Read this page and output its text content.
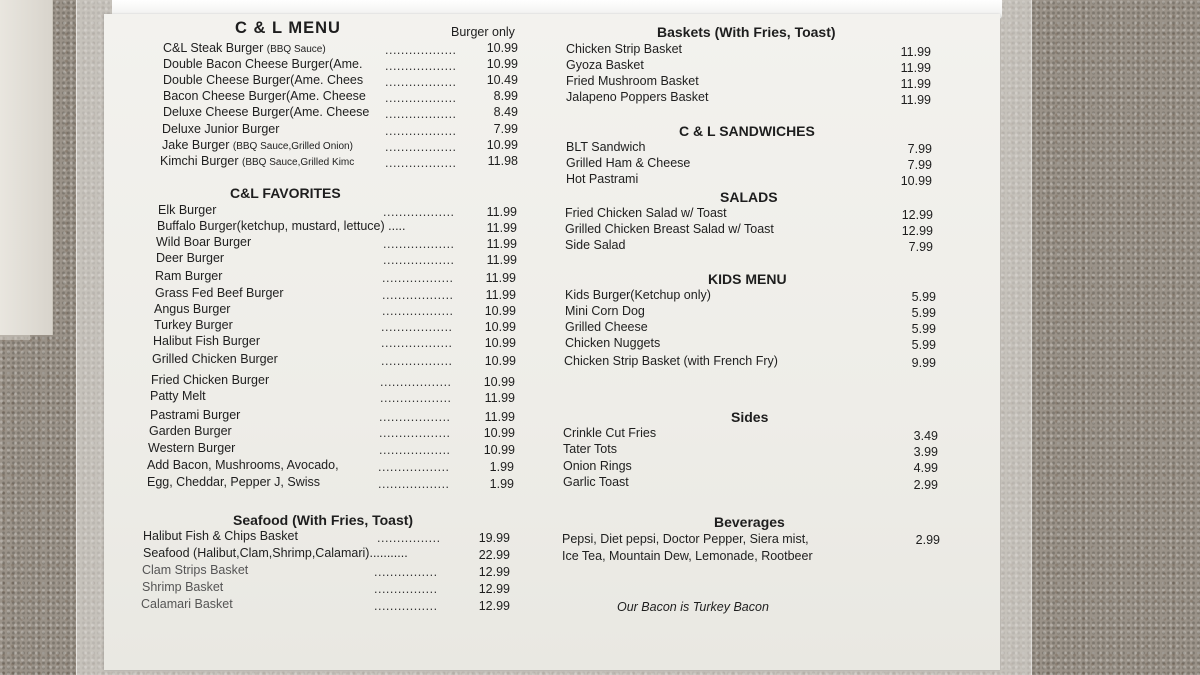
C & L MENU	Burger only
C&L Steak Burger (BBQ Sauce)
Double Bacon Cheese Burger(Ame.
Double Cheese Burger(Ame. Chees
Bacon Cheese Burger(Ame. Cheese
Deluxe Cheese Burger(Ame. Cheese
Deluxe Junior Burger
Jake Burger (BBQ Sauce,Grilled Onion)
Kimchi Burger (BBQ Sauce,Grilled Kimc
..................
..................
..................
..................
..................
..................
..................
..................
10.99
10.99
10.49
8.99
8.49
7.99
10.99
11.98
C&L FAVORITES
Elk Burger
Buffalo Burger(ketchup, mustard, lettuce) .....
Wild Boar Burger
Deer Burger
Ram Burger
Grass Fed Beef Burger
Angus Burger
Turkey Burger
Halibut Fish Burger
Grilled Chicken Burger
Fried Chicken Burger
Patty Melt
Pastrami Burger
Garden Burger
Western Burger
Add Bacon, Mushrooms, Avocado,
Egg, Cheddar, Pepper J, Swiss
..................
..................
..................
..................
..................
..................
..................
..................
..................
..................
..................
..................
..................
..................
..................
..................
11.99
11.99
11.99
11.99
11.99
11.99
10.99
10.99
10.99
10.99
10.99
11.99
11.99
10.99
10.99
1.99
1.99
Seafood (With Fries, Toast)
Halibut Fish & Chips Basket
Seafood (Halibut,Clam,Shrimp,Calamari)...........
Clam Strips Basket
Shrimp Basket
Calamari Basket
................
................
................
................
19.99
22.99
12.99
12.99
12.99
Baskets (With Fries, Toast)
Chicken Strip Basket
Gyoza Basket
Fried Mushroom Basket
Jalapeno Poppers Basket
11.99
11.99
11.99
11.99
C & L SANDWICHES
BLT Sandwich
Grilled Ham & Cheese
Hot Pastrami
7.99
7.99
10.99
SALADS
Fried Chicken Salad w/ Toast
Grilled Chicken Breast Salad w/ Toast
Side Salad
12.99
12.99
7.99
KIDS MENU
Kids Burger(Ketchup only)
Mini Corn Dog
Grilled Cheese
Chicken Nuggets
Chicken Strip Basket (with French Fry)
5.99
5.99
5.99
5.99
9.99
Sides
Crinkle Cut Fries
Tater Tots
Onion Rings
Garlic Toast
3.49
3.99
4.99
2.99
Beverages
Pepsi, Diet pepsi, Doctor Pepper, Siera mist,
Ice Tea, Mountain Dew, Lemonade, Rootbeer
2.99
Our Bacon is Turkey Bacon
